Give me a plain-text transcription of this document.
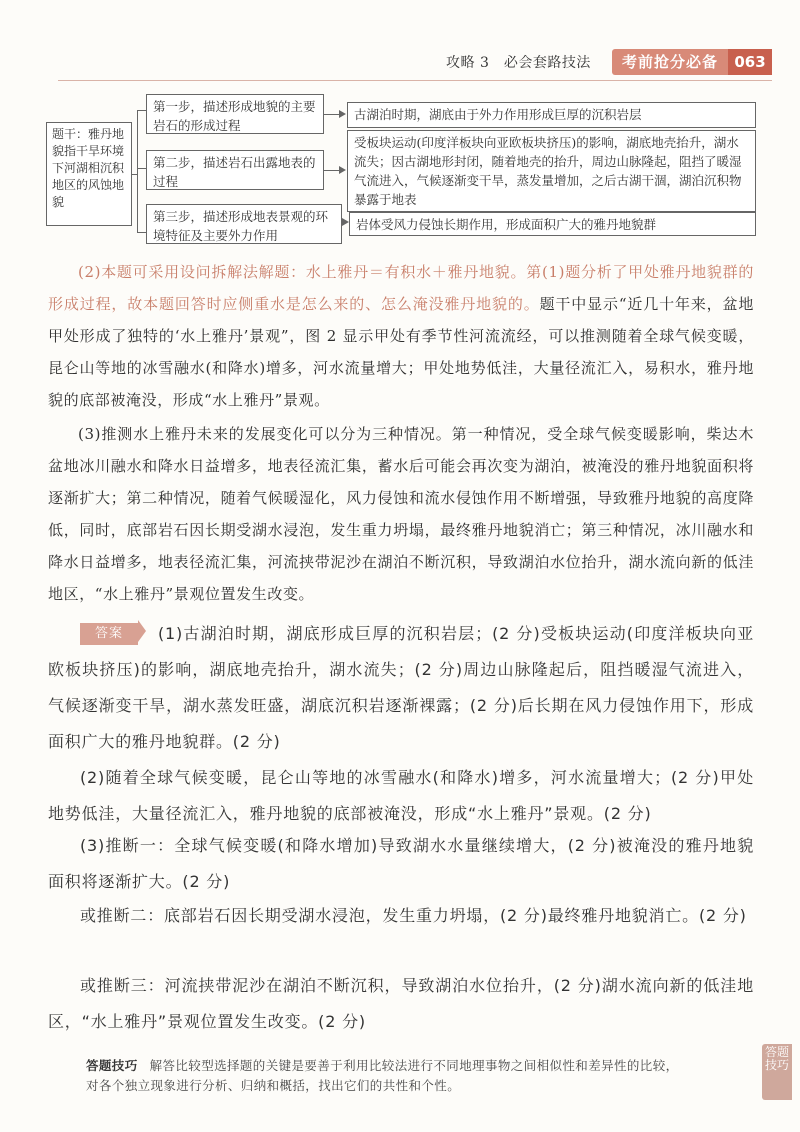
攻略 3　必会套路技法	考前抢分必备	063
题干：雅丹地貌指干旱环境下河湖相沉积地区的风蚀地貌
第一步，描述形成地貌的主要岩石的形成过程
第二步，描述岩石出露地表的过程
第三步，描述形成地表景观的环境特征及主要外力作用
古湖泊时期，湖底由于外力作用形成巨厚的沉积岩层
受板块运动(印度洋板块向亚欧板块挤压)的影响，湖底地壳抬升，湖水流失；因古湖地形封闭，随着地壳的抬升，周边山脉隆起，阻挡了暖湿气流进入，气候逐渐变干旱，蒸发量增加，之后古湖干涸，湖泊沉积物暴露于地表
岩体受风力侵蚀长期作用，形成面积广大的雅丹地貌群

(2)本题可采用设问拆解法解题：水上雅丹＝有积水＋雅丹地貌。第(1)题分析了甲处雅丹地貌群的形成过程，故本题回答时应侧重水是怎么来的、怎么淹没雅丹地貌的。题干中显示“近几十年来，盆地甲处形成了独特的‘水上雅丹’景观”，图 2 显示甲处有季节性河流流经，可以推测随着全球气候变暖，昆仑山等地的冰雪融水(和降水)增多，河水流量增大；甲处地势低洼，大量径流汇入，易积水，雅丹地貌的底部被淹没，形成“水上雅丹”景观。

(3)推测水上雅丹未来的发展变化可以分为三种情况。第一种情况，受全球气候变暖影响，柴达木盆地冰川融水和降水日益增多，地表径流汇集，蓄水后可能会再次变为湖泊，被淹没的雅丹地貌面积将逐渐扩大；第二种情况，随着气候暖湿化，风力侵蚀和流水侵蚀作用不断增强，导致雅丹地貌的高度降低，同时，底部岩石因长期受湖水浸泡，发生重力坍塌，最终雅丹地貌消亡；第三种情况，冰川融水和降水日益增多，地表径流汇集，河流挟带泥沙在湖泊不断沉积，导致湖泊水位抬升，湖水流向新的低洼地区，“水上雅丹”景观位置发生改变。

答案 (1)古湖泊时期，湖底形成巨厚的沉积岩层；(2 分)受板块运动(印度洋板块向亚欧板块挤压)的影响，湖底地壳抬升，湖水流失；(2 分)周边山脉隆起后，阻挡暖湿气流进入，气候逐渐变干旱，湖水蒸发旺盛，湖底沉积岩逐渐裸露；(2 分)后长期在风力侵蚀作用下，形成面积广大的雅丹地貌群。(2 分)

(2)随着全球气候变暖，昆仑山等地的冰雪融水(和降水)增多，河水流量增大；(2 分)甲处地势低洼，大量径流汇入，雅丹地貌的底部被淹没，形成“水上雅丹”景观。(2 分)

(3)推断一：全球气候变暖(和降水增加)导致湖水水量继续增大，(2 分)被淹没的雅丹地貌面积将逐渐扩大。(2 分)

或推断二：底部岩石因长期受湖水浸泡，发生重力坍塌，(2 分)最终雅丹地貌消亡。(2 分)

或推断三：河流挟带泥沙在湖泊不断沉积，导致湖泊水位抬升，(2 分)湖水流向新的低洼地区，“水上雅丹”景观位置发生改变。(2 分)

答题技巧 解答比较型选择题的关键是要善于利用比较法进行不同地理事物之间相似性和差异性的比较，对各个独立现象进行分析、归纳和概括，找出它们的共性和个性。
答题技巧
